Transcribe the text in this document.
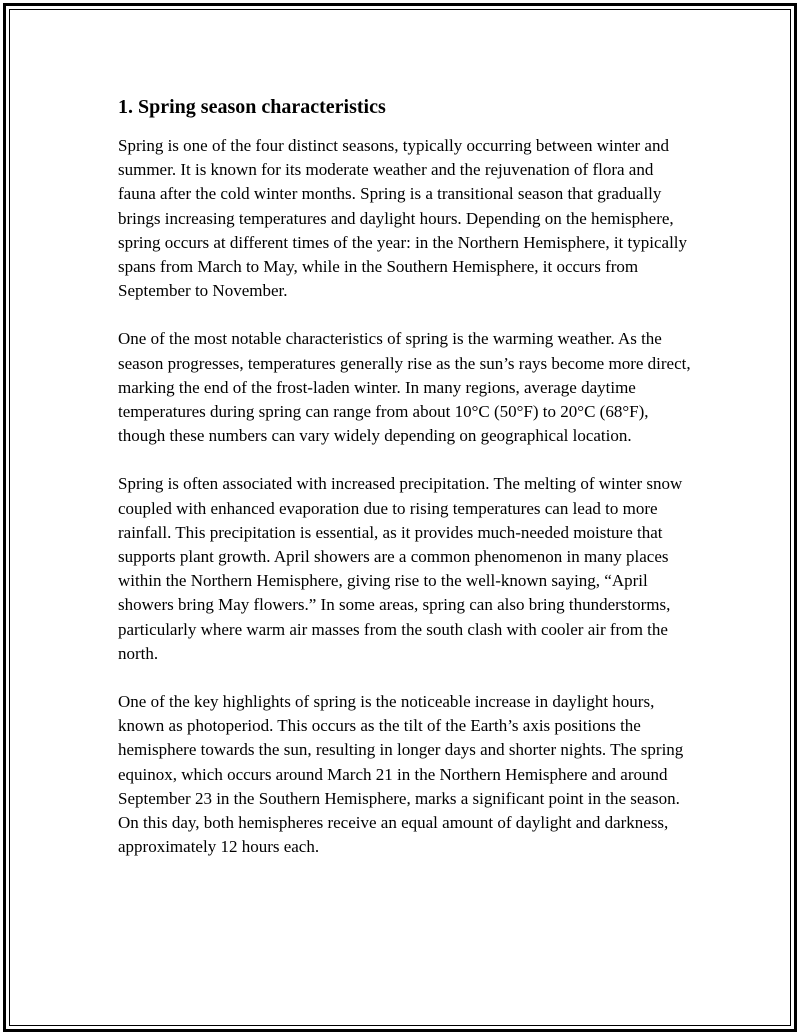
1. Spring season characteristics

Spring is one of the four distinct seasons, typically occurring between winter and summer. It is known for its moderate weather and the rejuvenation of flora and fauna after the cold winter months. Spring is a transitional season that gradually brings increasing temperatures and daylight hours. Depending on the hemisphere, spring occurs at different times of the year: in the Northern Hemisphere, it typically spans from March to May, while in the Southern Hemisphere, it occurs from September to November.

One of the most notable characteristics of spring is the warming weather. As the season progresses, temperatures generally rise as the sun’s rays become more direct, marking the end of the frost-laden winter. In many regions, average daytime temperatures during spring can range from about 10°C (50°F) to 20°C (68°F), though these numbers can vary widely depending on geographical location.

Spring is often associated with increased precipitation. The melting of winter snow coupled with enhanced evaporation due to rising temperatures can lead to more rainfall. This precipitation is essential, as it provides much-needed moisture that supports plant growth. April showers are a common phenomenon in many places within the Northern Hemisphere, giving rise to the well-known saying, “April showers bring May flowers.” In some areas, spring can also bring thunderstorms, particularly where warm air masses from the south clash with cooler air from the north.

One of the key highlights of spring is the noticeable increase in daylight hours, known as photoperiod. This occurs as the tilt of the Earth’s axis positions the hemisphere towards the sun, resulting in longer days and shorter nights. The spring equinox, which occurs around March 21 in the Northern Hemisphere and around September 23 in the Southern Hemisphere, marks a significant point in the season. On this day, both hemispheres receive an equal amount of daylight and darkness, approximately 12 hours each.
